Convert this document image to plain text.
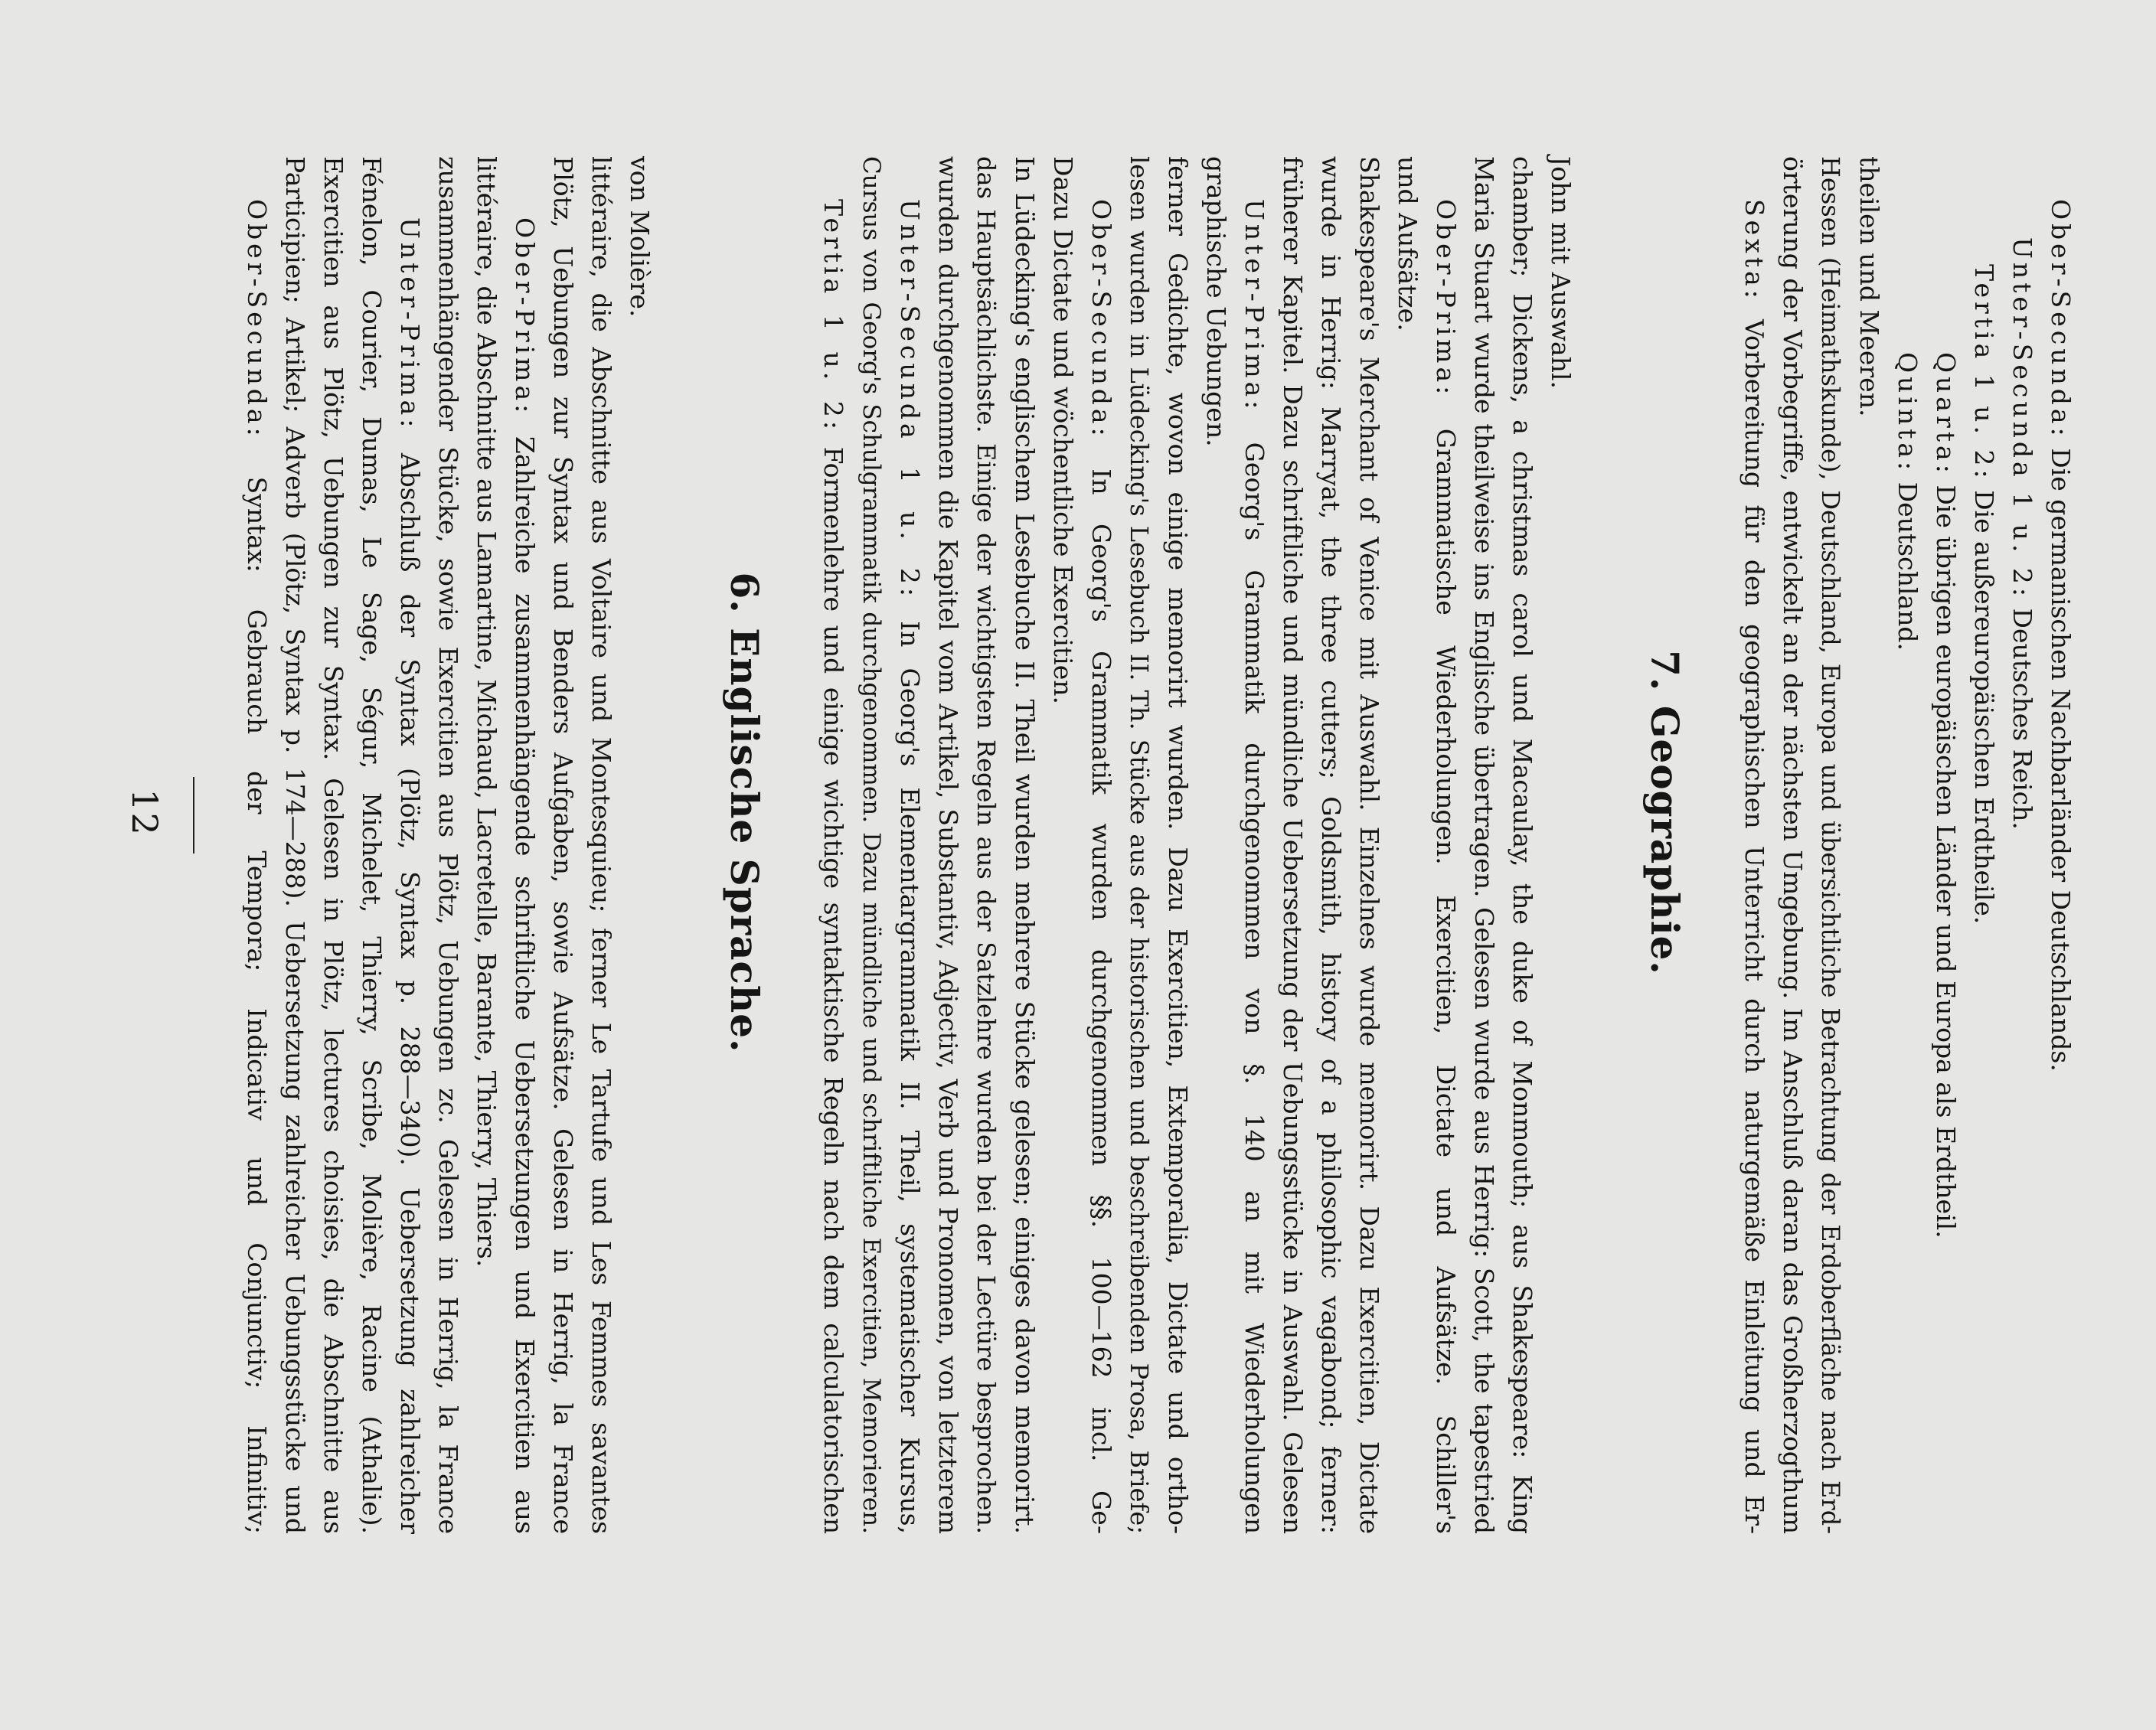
12

Ober-Secunda: Syntax: Gebrauch der Tempora; Indicativ und Conjunctiv; Infinitiv; Participien; Artikel; Adverb (Plötz, Syntax p. 174—288). Uebersetzung zahlreicher Uebungsstücke und Exercitien aus Plötz, Uebungen zur Syntax. Gelesen in Plötz, lectures choisies, die Abschnitte aus Fénelon, Courier, Dumas, Le Sage, Ségur, Michelet, Thierry, Scribe, Molière, Racine (Athalie). Unter-Prima: Abschluß der Syntax (Plötz, Syntax p. 288—340). Uebersetzung zahlreicher zusammenhängender Stücke, sowie Exercitien aus Plötz, Uebungen zc. Gelesen in Herrig, la France littéraire, die Abschnitte aus Lamartine, Michaud, Lacretelle, Barante, Thierry, Thiers. Ober-Prima: Zahlreiche zusammenhängende schriftliche Uebersetzungen und Exercitien aus Plötz, Uebungen zur Syntax und Benders Aufgaben, sowie Aufsätze. Gelesen in Herrig, la France littéraire, die Abschnitte aus Voltaire und Montesquieu; ferner Le Tartufe und Les Femmes savantes von Molière.

6. Englische Sprache.

Tertia 1 u. 2: Formenlehre und einige wichtige syntaktische Regeln nach dem calculatorischen Cursus von Georg's Schulgrammatik durchgenommen. Dazu mündliche und schriftliche Exercitien, Memorieren. Unter-Secunda 1 u. 2: In Georg's Elementargrammatik II. Theil, systematischer Kursus, wurden durchgenommen die Kapitel vom Artikel, Substantiv, Adjectiv, Verb und Pronomen, von letzterem das Hauptsächlichste. Einige der wichtigsten Regeln aus der Satzlehre wurden bei der Lectüre besprochen. In Lüdecking's englischem Lesebuche II. Theil wurden mehrere Stücke gelesen; einiges davon memorirt. Dazu Dictate und wöchentliche Exercitien. Ober-Secunda: In Georg's Grammatik wurden durchgenommen §§. 100—162 incl. Ge- lesen wurden in Lüdecking's Lesebuch II. Th. Stücke aus der historischen und beschreibenden Prosa, Briefe; ferner Gedichte, wovon einige memorirt wurden. Dazu Exercitien, Extemporalia, Dictate und ortho- graphische Uebungen. Unter-Prima: Georg's Grammatik durchgenommen von §. 140 an mit Wiederholungen früherer Kapitel. Dazu schriftliche und mündliche Uebersetzung der Uebungsstücke in Auswahl. Gelesen wurde in Herrig: Marryat, the three cutters; Goldsmith, history of a philosophic vagabond; ferner: Shakespeare's Merchant of Venice mit Auswahl. Einzelnes wurde memorirt. Dazu Exercitien, Dictate und Aufsätze. Ober-Prima: Grammatische Wiederholungen. Exercitien, Dictate und Aufsätze. Schiller's Maria Stuart wurde theilweise ins Englische übertragen. Gelesen wurde aus Herrig: Scott, the tapestried chamber; Dickens, a christmas carol und Macaulay, the duke of Monmouth; aus Shakespeare: King John mit Auswahl.

7. Geographie.

Sexta: Vorbereitung für den geographischen Unterricht durch naturgemäße Einleitung und Er- örterung der Vorbegriffe, entwickelt an der nächsten Umgebung. Im Anschluß daran das Großherzogthum Hessen (Heimathskunde), Deutschland, Europa und übersichtliche Betrachtung der Erdoberfläche nach Erd- theilen und Meeren. Quinta: Deutschland.

Quarta: Die übrigen europäischen Länder und Europa als Erdtheil.

Tertia 1 u. 2: Die außereuropäischen Erdtheile.

Unter-Secunda 1 u. 2: Deutsches Reich.

Ober-Secunda: Die germanischen Nachbarländer Deutschlands.
